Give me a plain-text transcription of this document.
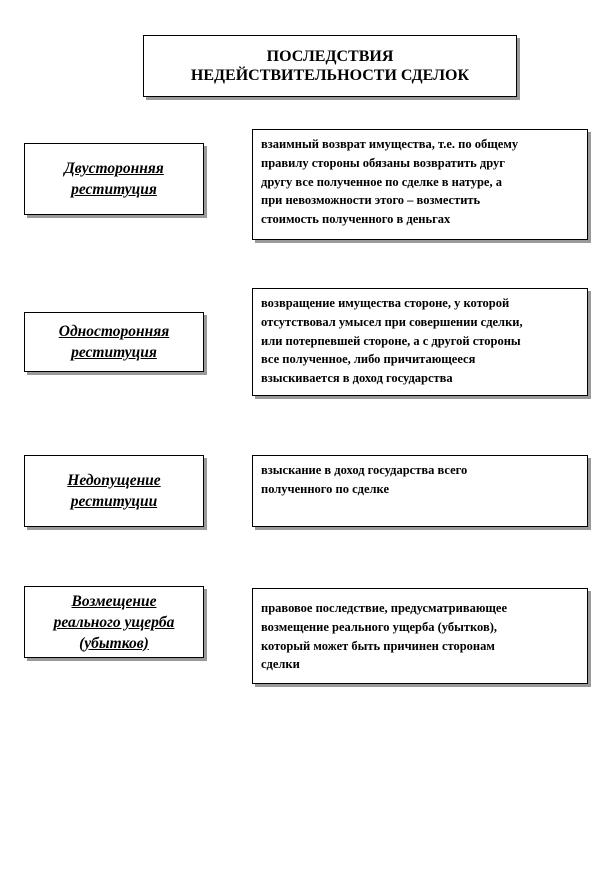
ПОСЛЕДСТВИЯ
НЕДЕЙСТВИТЕЛЬНОСТИ СДЕЛОК
Двусторонняя
реституция
взаимный возврат имущества, т.е. по общему
правилу стороны обязаны возвратить друг
другу все полученное по сделке в натуре, а
при невозможности этого – возместить
стоимость полученного в деньгах
Односторонняя
реституция
возвращение имущества стороне, у которой
отсутствовал умысел при совершении сделки,
или потерпевшей стороне, а с другой стороны
все полученное, либо причитающееся
взыскивается в доход государства
Недопущение
реституции
взыскание в доход государства всего
полученного по сделке
Возмещение
реального ущерба
(убытков)
правовое последствие, предусматривающее
возмещение реального ущерба (убытков),
который может быть причинен сторонам
сделки
